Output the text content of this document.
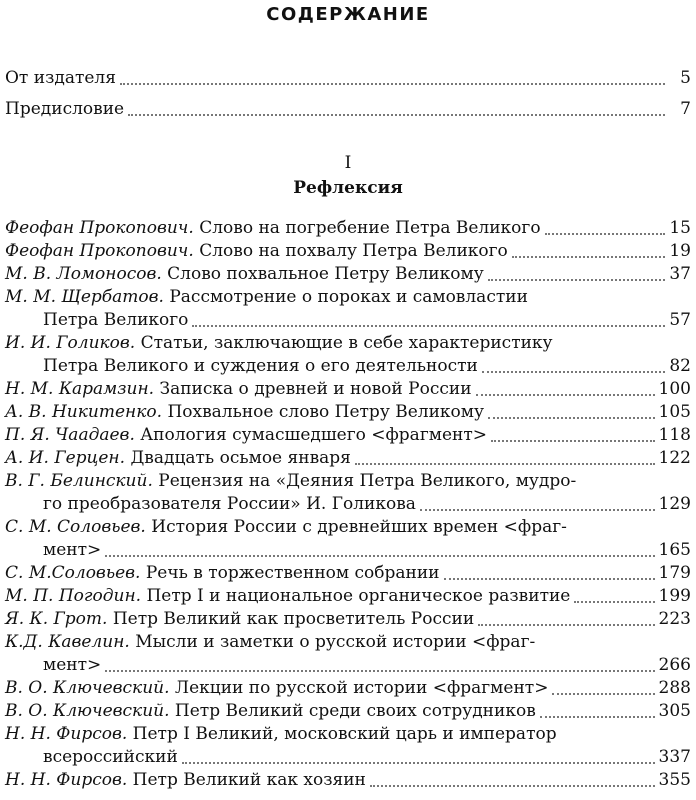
СОДЕРЖАНИЕ
От издателя	5
Предисловие	7
I
Рефлексия
Феофан Прокопович. Слово на погребение Петра Великого	15
Феофан Прокопович. Слово на похвалу Петра Великого	19
М. В. Ломоносов. Слово похвальное Петру Великому	37
М. М. Щербатов. Рассмотрение о пороках и самовластии
Петра Великого	57
И. И. Голиков. Статьи, заключающие в себе характеристику
Петра Великого и суждения о его деятельности	82
Н. М. Карамзин. Записка о древней и новой России	100
А. В. Никитенко. Похвальное слово Петру Великому	105
П. Я. Чаадаев. Апология сумасшедшего <фрагмент>	118
А. И. Герцен. Двадцать осьмое января	122
В. Г. Белинский. Рецензия на «Деяния Петра Великого, мудро-
го преобразователя России» И. Голикова	129
С. М. Соловьев. История России с древнейших времен <фраг-
мент>	165
С. М.Соловьев. Речь в торжественном собрании	179
М. П. Погодин. Петр I и национальное органическое развитие	199
Я. К. Грот. Петр Великий как просветитель России	223
К.Д. Кавелин. Мысли и заметки о русской истории <фраг-
мент>	266
В. О. Ключевский. Лекции по русской истории <фрагмент>	288
В. О. Ключевский. Петр Великий среди своих сотрудников	305
Н. Н. Фирсов. Петр I Великий, московский царь и император
всероссийский	337
Н. Н. Фирсов. Петр Великий как хозяин	355
